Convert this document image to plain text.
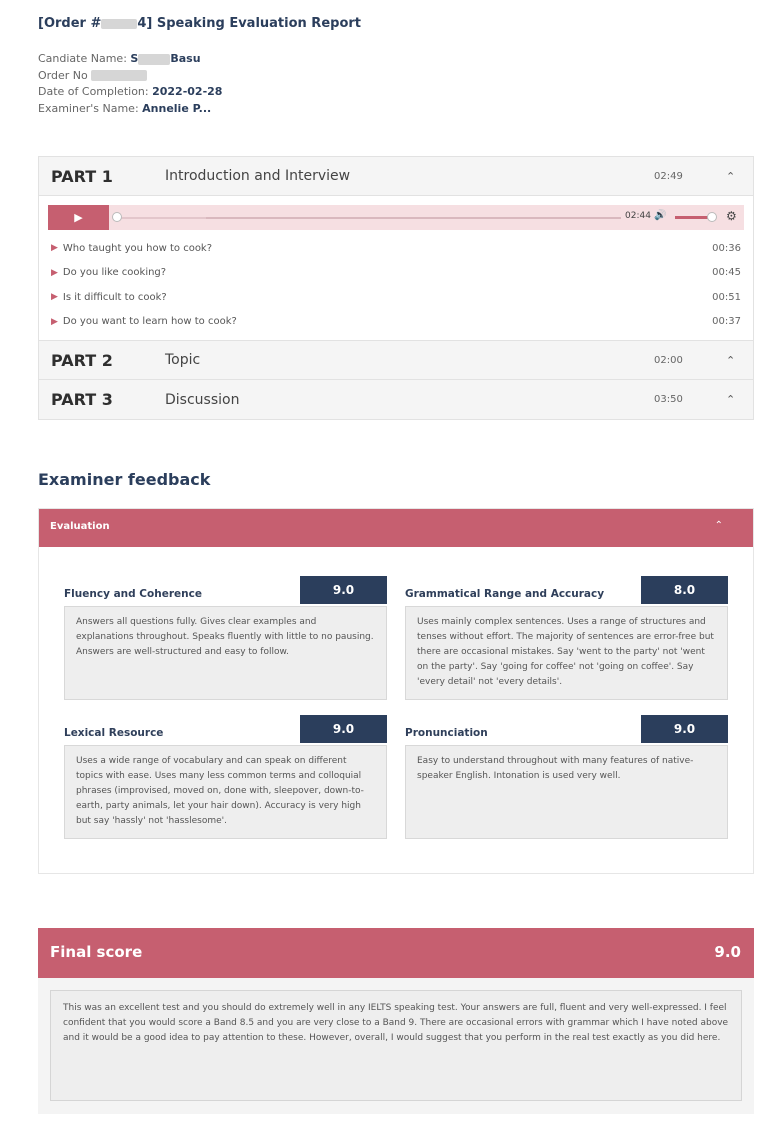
[Order #	4] Speaking Evaluation Report
Candiate Name: S	Basu
Order No
Date of Completion: 2022-02-28
Examiner's Name: Annelie P...
PART 1	Introduction and Interview	02:49	⌃
▶	02:44 🔊	⚙
▶ Who taught you how to cook?	00:36
▶ Do you like cooking?	00:45
▶ Is it difficult to cook?	00:51
▶ Do you want to learn how to cook?	00:37
PART 2	Topic	02:00	⌃
PART 3	Discussion	03:50	⌃
Examiner feedback
Evaluation	⌃
Fluency and Coherence	9.0
Answers all questions fully. Gives clear examples and explanations throughout. Speaks fluently with little to no pausing. Answers are well-structured and easy to follow.
Grammatical Range and Accuracy	8.0
Uses mainly complex sentences. Uses a range of structures and tenses without effort. The majority of sentences are error-free but there are occasional mistakes. Say 'went to the party' not 'went on the party'. Say 'going for coffee' not 'going on coffee'. Say 'every detail' not 'every details'.
Lexical Resource	9.0
Uses a wide range of vocabulary and can speak on different topics with ease. Uses many less common terms and colloquial phrases (improvised, moved on, done with, sleepover, down-to-earth, party animals, let your hair down). Accuracy is very high but say 'hassly' not 'hasslesome'.
Pronunciation	9.0
Easy to understand throughout with many features of native-speaker English. Intonation is used very well.
Final score	9.0
This was an excellent test and you should do extremely well in any IELTS speaking test. Your answers are full, fluent and very well-expressed. I feel confident that you would score a Band 8.5 and you are very close to a Band 9. There are occasional errors with grammar which I have noted above and it would be a good idea to pay attention to these. However, overall, I would suggest that you perform in the real test exactly as you did here.
